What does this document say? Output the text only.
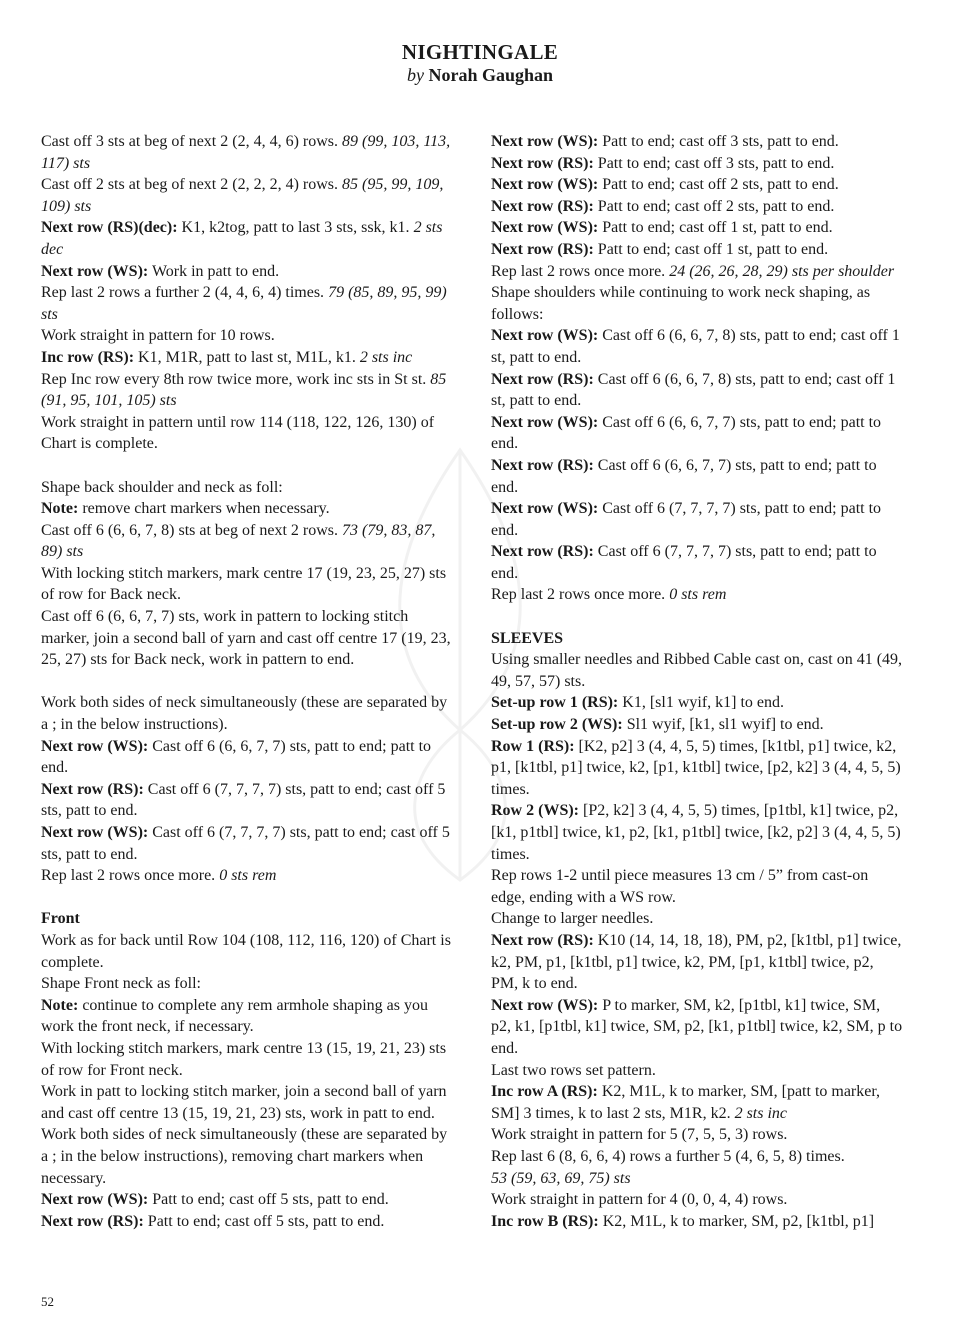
NIGHTINGALE
by Norah Gaughan

Cast off 3 sts at beg of next 2 (2, 4, 4, 6) rows. 89 (99, 103, 113, 117) sts

Cast off 2 sts at beg of next 2 (2, 2, 2, 4) rows. 85 (95, 99, 109, 109) sts

Next row (RS)(dec): K1, k2tog, patt to last 3 sts, ssk, k1. 2 sts dec

Next row (WS): Work in patt to end.

Rep last 2 rows a further 2 (4, 4, 6, 4) times. 79 (85, 89, 95, 99) sts

Work straight in pattern for 10 rows.

Inc row (RS): K1, M1R, patt to last st, M1L, k1. 2 sts inc

Rep Inc row every 8th row twice more, work inc sts in St st. 85 (91, 95, 101, 105) sts

Work straight in pattern until row 114 (118, 122, 126, 130) of Chart is complete.

Shape back shoulder and neck as foll:

Note: remove chart markers when necessary.

Cast off 6 (6, 6, 7, 8) sts at beg of next 2 rows. 73 (79, 83, 87, 89) sts

With locking stitch markers, mark centre 17 (19, 23, 25, 27) sts of row for Back neck.

Cast off 6 (6, 6, 7, 7) sts, work in pattern to locking stitch marker, join a second ball of yarn and cast off centre 17 (19, 23, 25, 27) sts for Back neck, work in pattern to end.

Work both sides of neck simultaneously (these are separated by a ; in the below instructions).

Next row (WS): Cast off 6 (6, 6, 7, 7) sts, patt to end; patt to end.

Next row (RS): Cast off 6 (7, 7, 7, 7) sts, patt to end; cast off 5 sts, patt to end.

Next row (WS): Cast off 6 (7, 7, 7, 7) sts, patt to end; cast off 5 sts, patt to end.

Rep last 2 rows once more. 0 sts rem

Front

Work as for back until Row 104 (108, 112, 116, 120) of Chart is complete.

Shape Front neck as foll:

Note: continue to complete any rem armhole shaping as you work the front neck, if necessary.

With locking stitch markers, mark centre 13 (15, 19, 21, 23) sts of row for Front neck.

Work in patt to locking stitch marker, join a second ball of yarn and cast off centre 13 (15, 19, 21, 23) sts, work in patt to end.

Work both sides of neck simultaneously (these are separated by a ; in the below instructions), removing chart markers when necessary.

Next row (WS): Patt to end; cast off 5 sts, patt to end.

Next row (RS): Patt to end; cast off 5 sts, patt to end.

Next row (WS): Patt to end; cast off 3 sts, patt to end.

Next row (RS): Patt to end; cast off 3 sts, patt to end.

Next row (WS): Patt to end; cast off 2 sts, patt to end.

Next row (RS): Patt to end; cast off 2 sts, patt to end.

Next row (WS): Patt to end; cast off 1 st, patt to end.

Next row (RS): Patt to end; cast off 1 st, patt to end.

Rep last 2 rows once more. 24 (26, 26, 28, 29) sts per shoulder

Shape shoulders while continuing to work neck shaping, as follows:

Next row (WS): Cast off 6 (6, 6, 7, 8) sts, patt to end; cast off 1 st, patt to end.

Next row (RS): Cast off 6 (6, 6, 7, 8) sts, patt to end; cast off 1 st, patt to end.

Next row (WS): Cast off 6 (6, 6, 7, 7) sts, patt to end; patt to end.

Next row (RS): Cast off 6 (6, 6, 7, 7) sts, patt to end; patt to end.

Next row (WS): Cast off 6 (7, 7, 7, 7) sts, patt to end; patt to end.

Next row (RS): Cast off 6 (7, 7, 7, 7) sts, patt to end; patt to end.

Rep last 2 rows once more. 0 sts rem

SLEEVES

Using smaller needles and Ribbed Cable cast on, cast on 41 (49, 49, 57, 57) sts.

Set-up row 1 (RS): K1, [sl1 wyif, k1] to end.

Set-up row 2 (WS): Sl1 wyif, [k1, sl1 wyif] to end.

Row 1 (RS): [K2, p2] 3 (4, 4, 5, 5) times, [k1tbl, p1] twice, k2, p1, [k1tbl, p1] twice, k2, [p1, k1tbl] twice, [p2, k2] 3 (4, 4, 5, 5) times.

Row 2 (WS): [P2, k2] 3 (4, 4, 5, 5) times, [p1tbl, k1] twice, p2, [k1, p1tbl] twice, k1, p2, [k1, p1tbl] twice, [k2, p2] 3 (4, 4, 5, 5) times.

Rep rows 1-2 until piece measures 13 cm / 5” from cast-on edge, ending with a WS row.

Change to larger needles.

Next row (RS): K10 (14, 14, 18, 18), PM, p2, [k1tbl, p1] twice, k2, PM, p1, [k1tbl, p1] twice, k2, PM, [p1, k1tbl] twice, p2, PM, k to end.

Next row (WS): P to marker, SM, k2, [p1tbl, k1] twice, SM, p2, k1, [p1tbl, k1] twice, SM, p2, [k1, p1tbl] twice, k2, SM, p to end.

Last two rows set pattern.

Inc row A (RS): K2, M1L, k to marker, SM, [patt to marker, SM] 3 times, k to last 2 sts, M1R, k2. 2 sts inc

Work straight in pattern for 5 (7, 5, 5, 3) rows.

Rep last 6 (8, 6, 6, 4) rows a further 5 (4, 6, 5, 8) times.

53 (59, 63, 69, 75) sts

Work straight in pattern for 4 (0, 0, 4, 4) rows.

Inc row B (RS): K2, M1L, k to marker, SM, p2, [k1tbl, p1]

52
